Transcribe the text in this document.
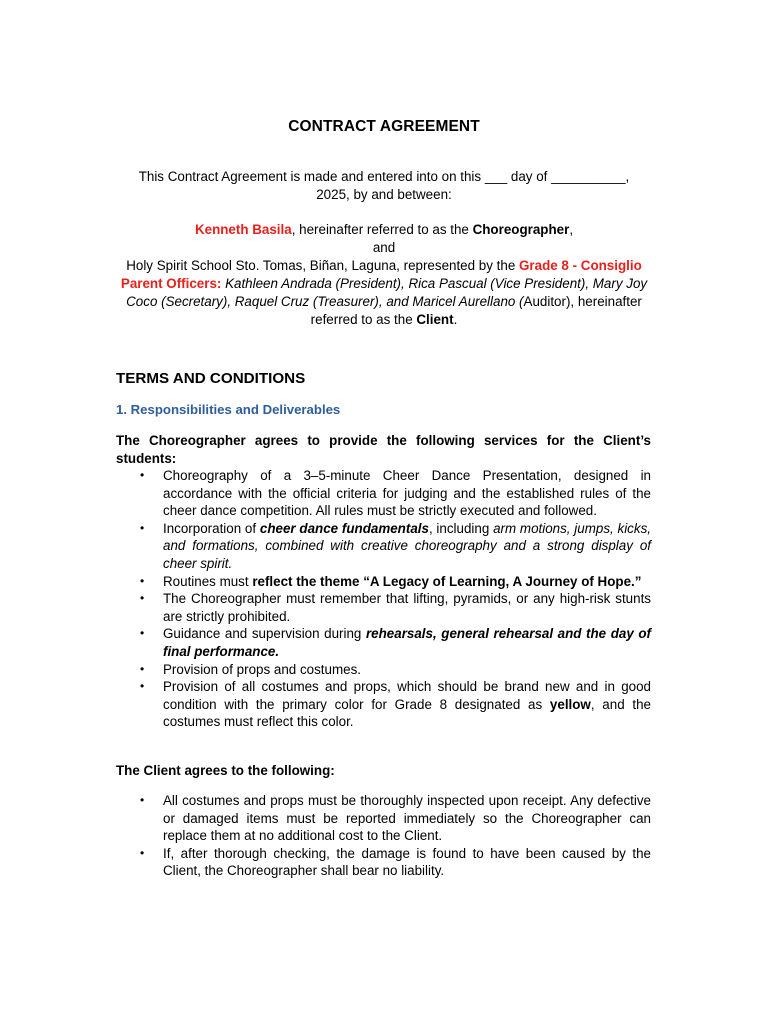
CONTRACT AGREEMENT
This Contract Agreement is made and entered into on this ___ day of __________,
2025, by and between:
Kenneth Basila, hereinafter referred to as the Choreographer,
and
Holy Spirit School Sto. Tomas, Biñan, Laguna, represented by the Grade 8 - Consiglio Parent Officers: Kathleen Andrada (President), Rica Pascual (Vice President), Mary Joy Coco (Secretary), Raquel Cruz (Treasurer), and Maricel Aurellano (Auditor), hereinafter referred to as the Client.
TERMS AND CONDITIONS
1. Responsibilities and Deliverables
The Choreographer agrees to provide the following services for the Client’s students:
• Choreography of a 3–5-minute Cheer Dance Presentation, designed in accordance with the official criteria for judging and the established rules of the cheer dance competition. All rules must be strictly executed and followed.
• Incorporation of cheer dance fundamentals, including arm motions, jumps, kicks, and formations, combined with creative choreography and a strong display of cheer spirit.
• Routines must reflect the theme “A Legacy of Learning, A Journey of Hope.”
• The Choreographer must remember that lifting, pyramids, or any high-risk stunts are strictly prohibited.
• Guidance and supervision during rehearsals, general rehearsal and the day of final performance.
• Provision of props and costumes.
• Provision of all costumes and props, which should be brand new and in good condition with the primary color for Grade 8 designated as yellow, and the costumes must reflect this color.
The Client agrees to the following:
• All costumes and props must be thoroughly inspected upon receipt. Any defective or damaged items must be reported immediately so the Choreographer can replace them at no additional cost to the Client.
• If, after thorough checking, the damage is found to have been caused by the Client, the Choreographer shall bear no liability.
